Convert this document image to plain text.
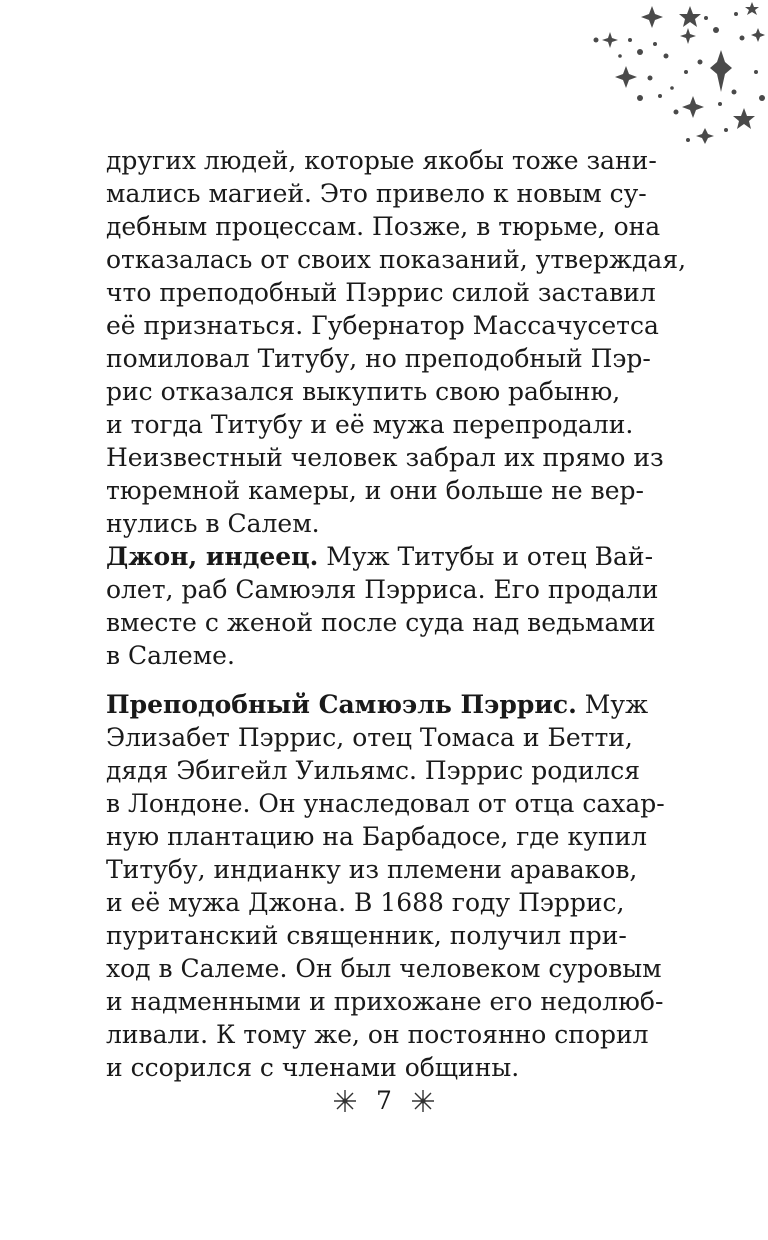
других людей, которые якобы тоже зани-
мались магией. Это привело к новым су-
дебным процессам. Позже, в тюрьме, она
отказалась от своих показаний, утверждая,
что преподобный Пэррис силой заставил
её признаться. Губернатор Массачусетса
помиловал Титубу, но преподобный Пэр-
рис отказался выкупить свою рабыню,
и тогда Титубу и её мужа перепродали.
Неизвестный человек забрал их прямо из
тюремной камеры, и они больше не вер-
нулись в Салем.
Джон, индеец. Муж Титубы и отец Вай-
олет, раб Самюэля Пэрриса. Его продали
вместе с женой после суда над ведьмами
в Салеме.
Преподобный Самюэль Пэррис. Муж
Элизабет Пэррис, отец Томаса и Бетти,
дядя Эбигейл Уильямс. Пэррис родился
в Лондоне. Он унаследовал от отца сахар-
ную плантацию на Барбадосе, где купил
Титубу, индианку из племени араваков,
и её мужа Джона. В 1688 году Пэррис,
пуританский священник, получил при-
ход в Салеме. Он был человеком суровым
и надменными и прихожане его недолюб-
ливали. К тому же, он постоянно спорил
и ссорился с членами общины.
7
